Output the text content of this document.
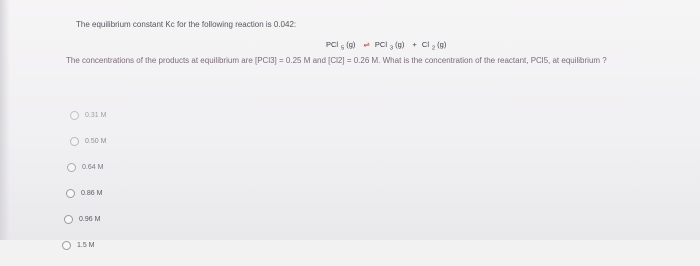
The equilibrium constant Kc for the following reaction is 0.042:
PCl $_5$ (g) ⇌ PCl $_3$ (g) + Cl $_2$ (g)
The concentrations of the products at equilibrium are [PCl3] = 0.25 M and [Cl2] = 0.26 M. What is the concentration of the reactant, PCl5, at equilibrium ?
0.31 M
0.50 M
0.64 M
0.86 M
0.96 M
1.5 M
